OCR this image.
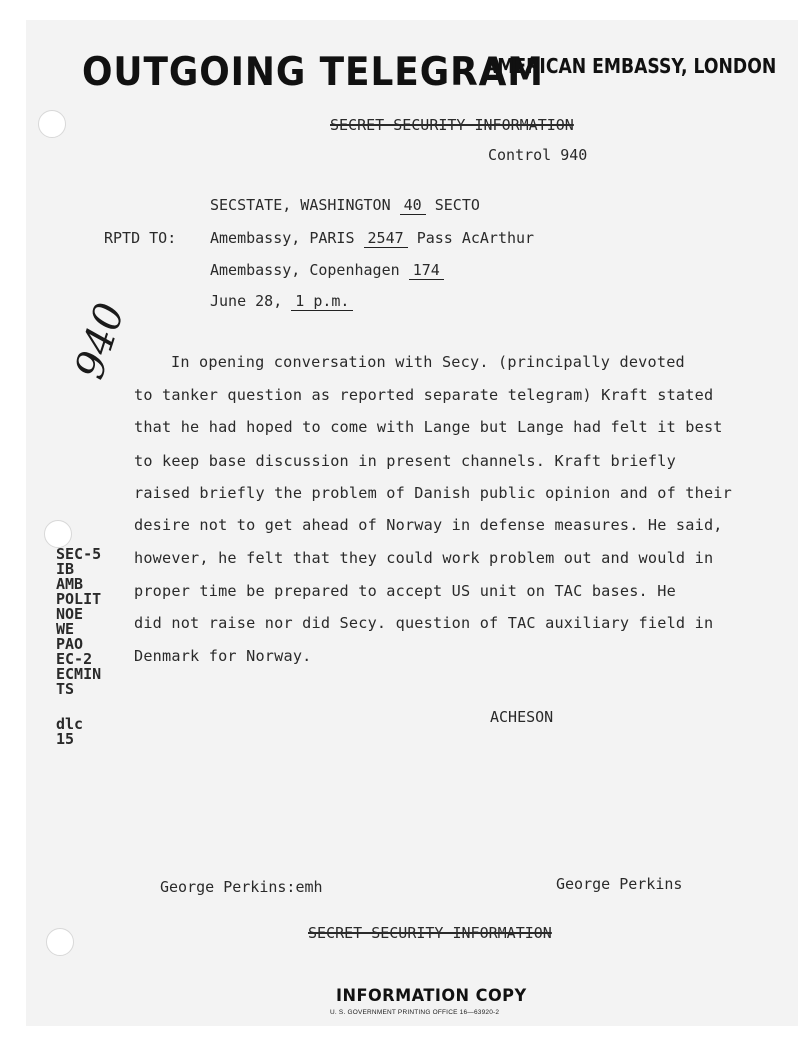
OUTGOING TELEGRAM
AMERICAN EMBASSY, LONDON
SECRET SECURITY INFORMATION
Control 940
SECSTATE, WASHINGTON 40 SECTO
RPTD TO: Amembassy, PARIS 2547 Pass AcArthur
Amembassy, Copenhagen 174
June 28, 1 p.m.
940 In opening conversation with Secy. (principally devoted
to tanker question as reported separate telegram) Kraft stated
that he had hoped to come with Lange but Lange had felt it best
to keep base discussion in present channels. Kraft briefly
raised briefly the problem of Danish public opinion and of their
desire not to get ahead of Norway in defense measures. He said,
however, he felt that they could work problem out and would in
proper time be prepared to accept US unit on TAC bases. He
did not raise nor did Secy. question of TAC auxiliary field in
Denmark for Norway.
ACHESON
SEC-5
IB
AMB
POLIT
NOE
WE
PAO
EC-2
ECMIN
TS
dlc
15
George Perkins:emh	George Perkins
SECRET SECURITY INFORMATION
INFORMATION COPY
U. S. GOVERNMENT PRINTING OFFICE 16—63920-2
